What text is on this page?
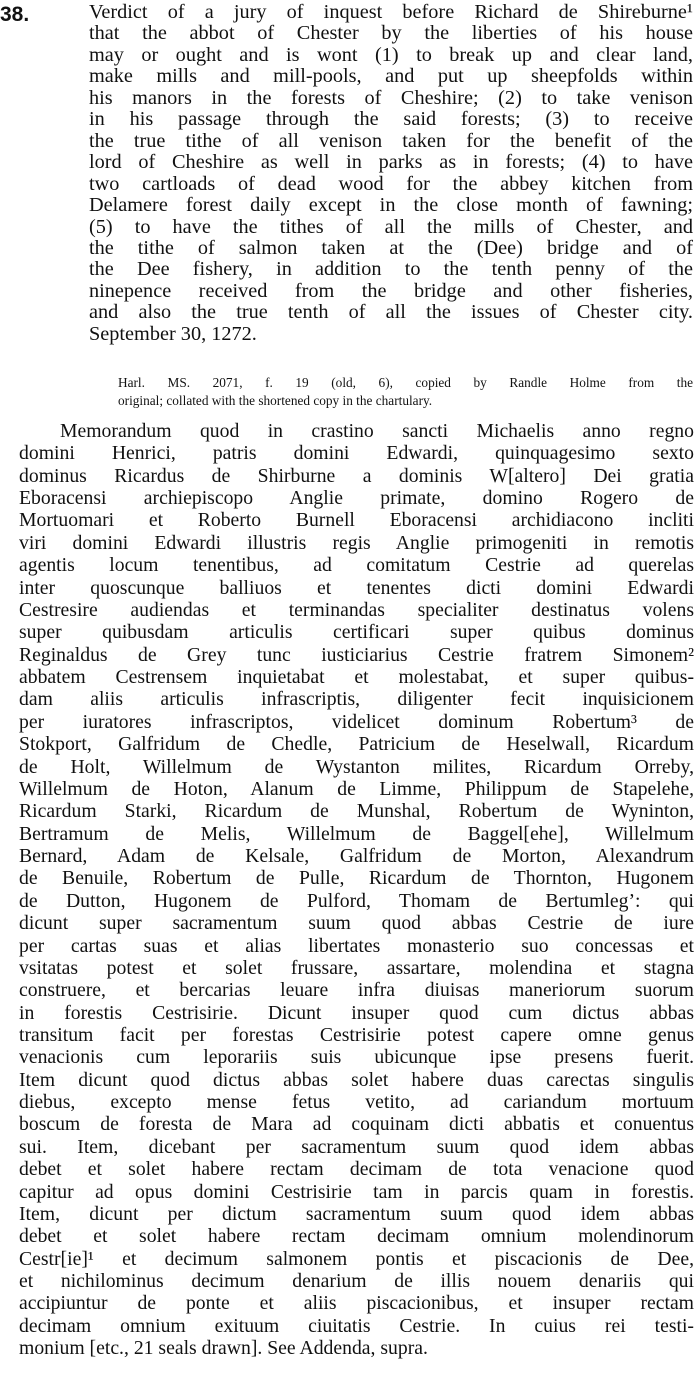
38.	Verdict of a jury of inquest before Richard de Shireburne¹
that the abbot of Chester by the liberties of his house
may or ought and is wont (1) to break up and clear land,
make mills and mill-pools, and put up sheepfolds within
his manors in the forests of Cheshire; (2) to take venison
in his passage through the said forests; (3) to receive
the true tithe of all venison taken for the benefit of the
lord of Cheshire as well in parks as in forests; (4) to have
two cartloads of dead wood for the abbey kitchen from
Delamere forest daily except in the close month of fawning;
(5) to have the tithes of all the mills of Chester, and
the tithe of salmon taken at the (Dee) bridge and of
the Dee fishery, in addition to the tenth penny of the
ninepence received from the bridge and other fisheries,
and also the true tenth of all the issues of Chester city.
September 30, 1272.
Harl. MS. 2071, f. 19 (old, 6), copied by Randle Holme from the
original; collated with the shortened copy in the chartulary.
Memorandum quod in crastino sancti Michaelis anno regno
domini Henrici, patris domini Edwardi, quinquagesimo sexto
dominus Ricardus de Shirburne a dominis W[altero] Dei gratia
Eboracensi archiepiscopo Anglie primate, domino Rogero de
Mortuomari et Roberto Burnell Eboracensi archidiacono incliti
viri domini Edwardi illustris regis Anglie primogeniti in remotis
agentis locum tenentibus, ad comitatum Cestrie ad querelas
inter quoscunque balliuos et tenentes dicti domini Edwardi
Cestresire audiendas et terminandas specialiter destinatus volens
super quibusdam articulis certificari super quibus dominus
Reginaldus de Grey tunc iusticiarius Cestrie fratrem Simonem²
abbatem Cestrensem inquietabat et molestabat, et super quibus-
dam aliis articulis infrascriptis, diligenter fecit inquisicionem
per iuratores infrascriptos, videlicet dominum Robertum³ de
Stokport, Galfridum de Chedle, Patricium de Heselwall, Ricardum
de Holt, Willelmum de Wystanton milites, Ricardum Orreby,
Willelmum de Hoton, Alanum de Limme, Philippum de Stapelehe,
Ricardum Starki, Ricardum de Munshal, Robertum de Wyninton,
Bertramum de Melis, Willelmum de Baggel[ehe], Willelmum
Bernard, Adam de Kelsale, Galfridum de Morton, Alexandrum
de Benuile, Robertum de Pulle, Ricardum de Thornton, Hugonem
de Dutton, Hugonem de Pulford, Thomam de Bertumleg’: qui
dicunt super sacramentum suum quod abbas Cestrie de iure
per cartas suas et alias libertates monasterio suo concessas et
vsitatas potest et solet frussare, assartare, molendina et stagna
construere, et bercarias leuare infra diuisas maneriorum suorum
in forestis Cestrisirie. Dicunt insuper quod cum dictus abbas
transitum facit per forestas Cestrisirie potest capere omne genus
venacionis cum leporariis suis ubicunque ipse presens fuerit.
Item dicunt quod dictus abbas solet habere duas carectas singulis
diebus, excepto mense fetus vetito, ad cariandum mortuum
boscum de foresta de Mara ad coquinam dicti abbatis et conuentus
sui. Item, dicebant per sacramentum suum quod idem abbas
debet et solet habere rectam decimam de tota venacione quod
capitur ad opus domini Cestrisirie tam in parcis quam in forestis.
Item, dicunt per dictum sacramentum suum quod idem abbas
debet et solet habere rectam decimam omnium molendinorum
Cestr[ie]¹ et decimum salmonem pontis et piscacionis de Dee,
et nichilominus decimum denarium de illis nouem denariis qui
accipiuntur de ponte et aliis piscacionibus, et insuper rectam
decimam omnium exituum ciuitatis Cestrie. In cuius rei testi-
monium [etc., 21 seals drawn]. See Addenda, supra.
